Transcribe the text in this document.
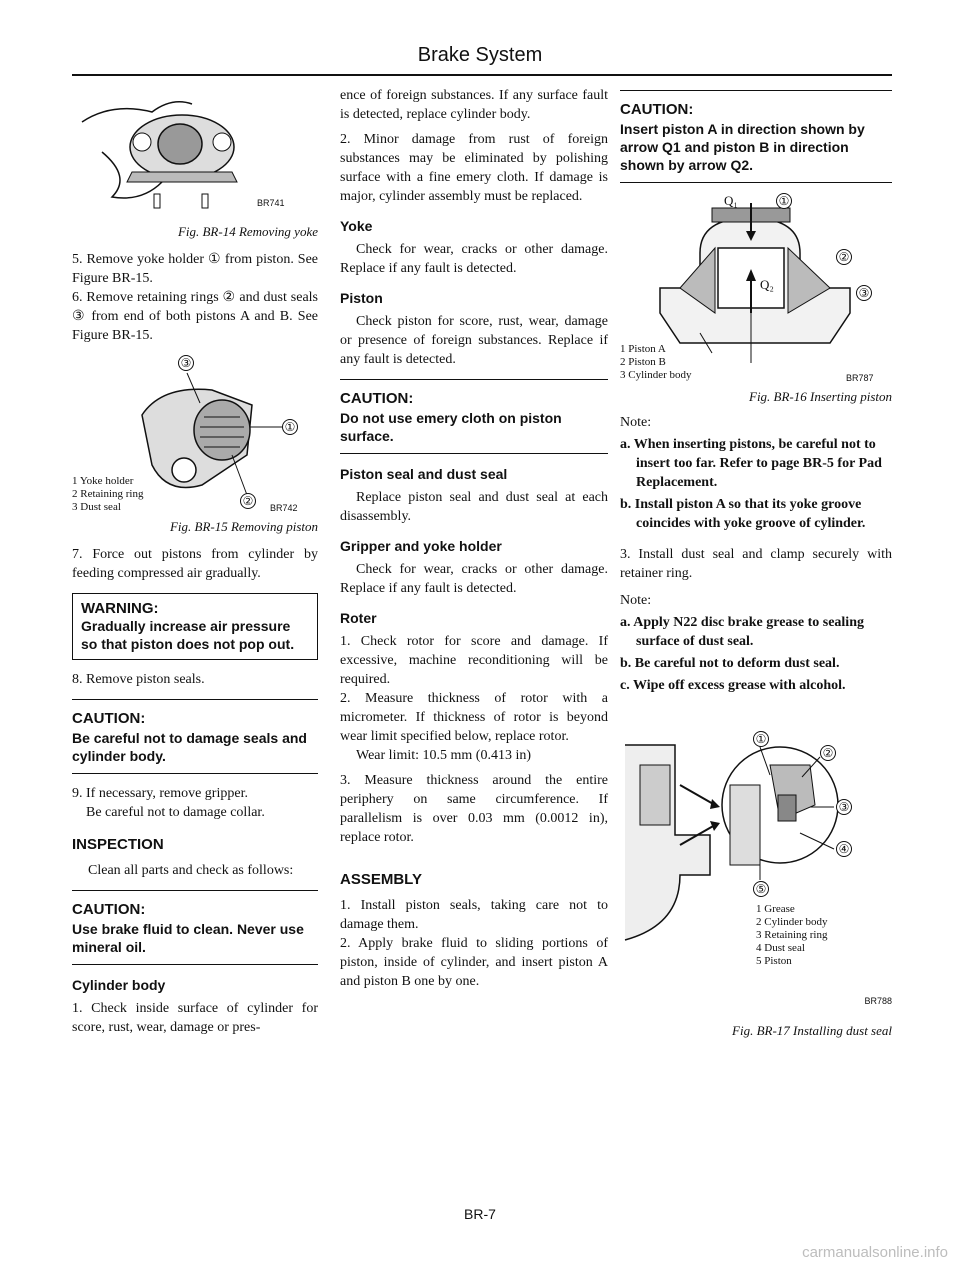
Brake System
BR741
Fig. BR-14 Removing yoke

5. Remove yoke holder ① from piston. See Figure BR-15.

6. Remove retaining rings ② and dust seals ③ from end of both pistons A and B. See Figure BR-15.

③
①
②
1 Yoke holder
2 Retaining ring
3 Dust seal	BR742
Fig. BR-15 Removing piston

7. Force out pistons from cylinder by feeding compressed air gradually.

WARNING:
Gradually increase air pressure so that piston does not pop out.

8. Remove piston seals.

CAUTION:
Be careful not to damage seals and cylinder body.

9. If necessary, remove gripper.

Be careful not to damage collar.

INSPECTION

Clean all parts and check as follows:

CAUTION:
Use brake fluid to clean. Never use mineral oil.
Cylinder body

1. Check inside surface of cylinder for score, rust, wear, damage or pres-

ence of foreign substances. If any surface fault is detected, replace cylinder body.

2. Minor damage from rust of foreign substances may be eliminated by polishing surface with a fine emery cloth. If damage is major, cylinder assembly must be replaced.

Yoke

Check for wear, cracks or other damage. Replace if any fault is detected.

Piston

Check piston for score, rust, wear, damage or presence of foreign substances. Replace if any fault is detected.

CAUTION:
Do not use emery cloth on piston surface.
Piston seal and dust seal

Replace piston seal and dust seal at each disassembly.

Gripper and yoke holder

Check for wear, cracks or other damage. Replace if any fault is detected.

Roter

1. Check rotor for score and damage. If excessive, machine reconditioning will be required.

2. Measure thickness of rotor with a micrometer. If thickness of rotor is beyond wear limit specified below, replace rotor.

Wear limit: 10.5 mm (0.413 in)

3. Measure thickness around the entire periphery on same circumference. If parallelism is over 0.03 mm (0.0012 in), replace rotor.

ASSEMBLY

1. Install piston seals, taking care not to damage them.

2. Apply brake fluid to sliding portions of piston, inside of cylinder, and insert piston A and piston B one by one.

CAUTION:
Insert piston A in direction shown by arrow Q1 and piston B in direction shown by arrow Q2.
Q₁
Q₂
①
②
③
1 Piston A
2 Piston B
3 Cylinder body	BR787
Fig. BR-16 Inserting piston
Note:
a. When inserting pistons, be careful not to insert too far. Refer to page BR-5 for Pad Replacement.
b. Install piston A so that its yoke groove coincides with yoke groove of cylinder.

3. Install dust seal and clamp securely with retainer ring.

Note:
a. Apply N22 disc brake grease to sealing surface of dust seal.
b. Be careful not to deform dust seal.
c. Wipe off excess grease with alcohol.
①
②
③
④
⑤
1 Grease
2 Cylinder body
3 Retaining ring
4 Dust seal
5 Piston
BR788
Fig. BR-17 Installing dust seal
BR-7
carmanualsonline.info
